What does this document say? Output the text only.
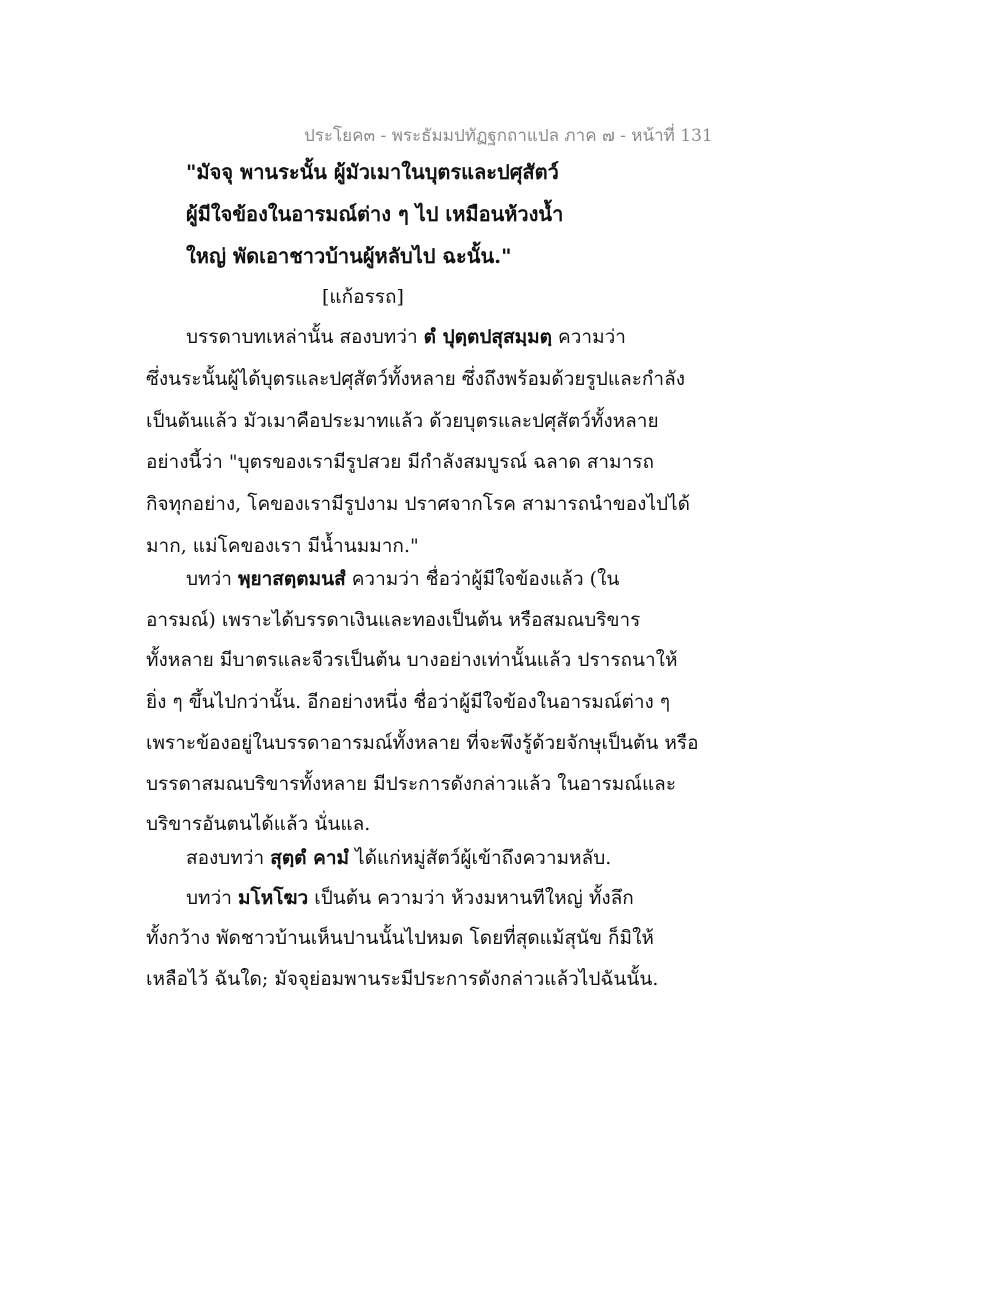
ประโยค๓ - พระธัมมปทัฏฐกถาแปล ภาค ๗ - หน้าที่ 131
"มัจจุ พานระนั้น ผู้มัวเมาในบุตรและปศุสัตว์
ผู้มีใจข้องในอารมณ์ต่าง ๆ ไป เหมือนห้วงน้ำ
ใหญ่ พัดเอาชาวบ้านผู้หลับไป ฉะนั้น."
[แก้อรรถ]
บรรดาบทเหล่านั้น สองบทว่า ตํ ปุตฺตปสุสมฺมตฺ ความว่า
ซึ่งนระนั้นผู้ได้บุตรและปศุสัตว์ทั้งหลาย ซึ่งถึงพร้อมด้วยรูปและกำลัง
เป็นต้นแล้ว มัวเมาคือประมาทแล้ว ด้วยบุตรและปศุสัตว์ทั้งหลาย
อย่างนี้ว่า "บุตรของเรามีรูปสวย มีกำลังสมบูรณ์ ฉลาด สามารถ
กิจทุกอย่าง, โคของเรามีรูปงาม ปราศจากโรค สามารถนำของไปได้
มาก, แม่โคของเรา มีน้ำนมมาก."
บทว่า พฺยาสตฺตมนสํ ความว่า ชื่อว่าผู้มีใจข้องแล้ว (ใน
อารมณ์) เพราะได้บรรดาเงินและทองเป็นต้น หรือสมณบริขาร
ทั้งหลาย มีบาตรและจีวรเป็นต้น บางอย่างเท่านั้นแล้ว ปรารถนาให้
ยิ่ง ๆ ขึ้นไปกว่านั้น. อีกอย่างหนึ่ง ชื่อว่าผู้มีใจข้องในอารมณ์ต่าง ๆ
เพราะข้องอยู่ในบรรดาอารมณ์ทั้งหลาย ที่จะพึงรู้ด้วยจักษุเป็นต้น หรือ
บรรดาสมณบริขารทั้งหลาย มีประการดังกล่าวแล้ว ในอารมณ์และ
บริขารอันตนได้แล้ว นั่นแล.
สองบทว่า สุตฺตํ คามํ ได้แก่หมู่สัตว์ผู้เข้าถึงความหลับ.
บทว่า มโหโฆว เป็นต้น ความว่า ห้วงมหานทีใหญ่ ทั้งลึก
ทั้งกว้าง พัดชาวบ้านเห็นปานนั้นไปหมด โดยที่สุดแม้สุนัข ก็มิให้
เหลือไว้ ฉันใด; มัจจุย่อมพานระมีประการดังกล่าวแล้วไปฉันนั้น.
